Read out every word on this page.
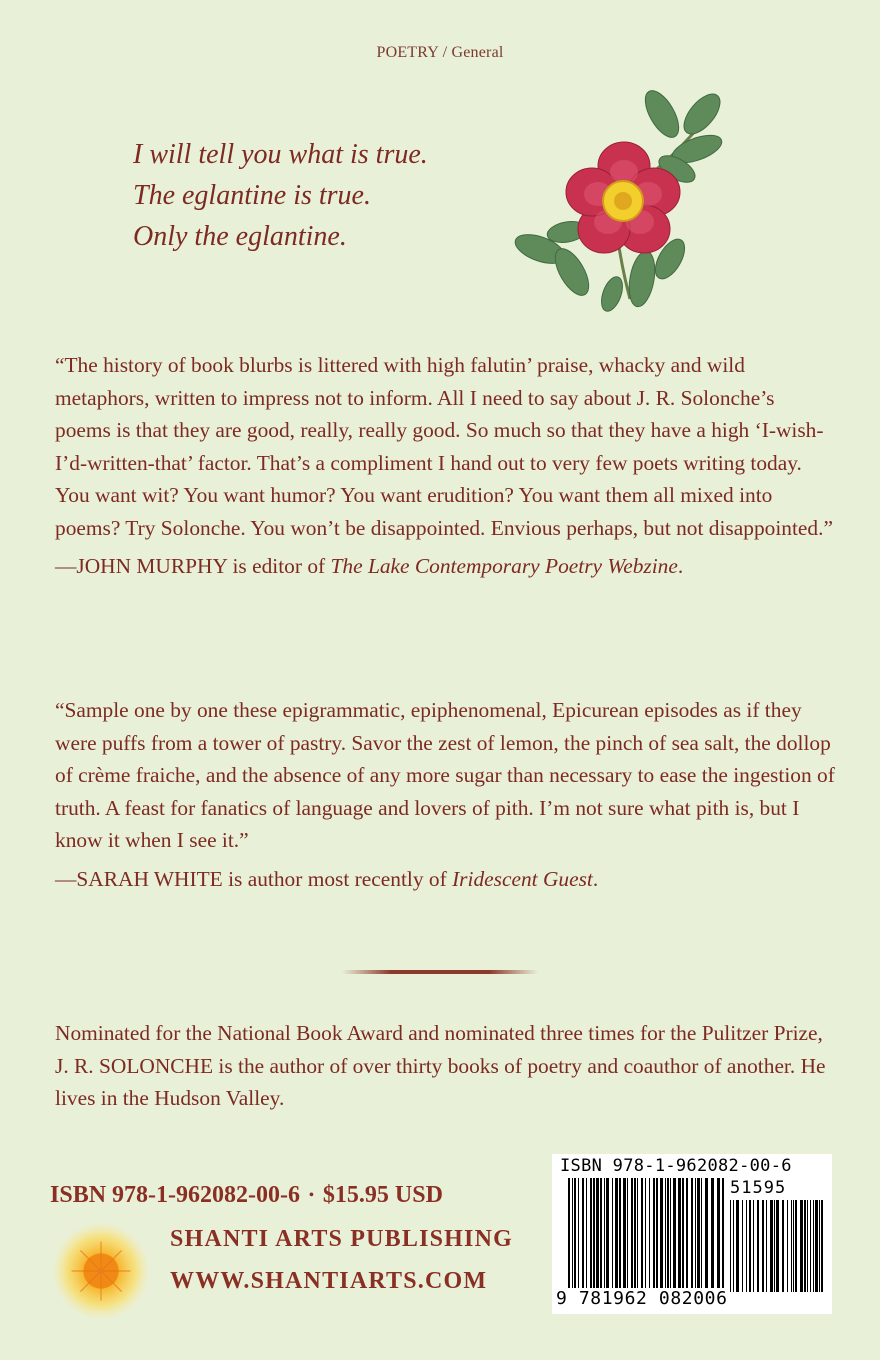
POETRY / General
I will tell you what is true.
The eglantine is true.
Only the eglantine.
“The history of book blurbs is littered with high falutin’ praise, whacky and wild metaphors, written to impress not to inform. All I need to say about J. R. Solonche’s poems is that they are good, really, really good. So much so that they have a high ‘I-wish-I’d-written-that’ factor. That’s a compliment I hand out to very few poets writing today. You want wit? You want humor? You want erudition? You want them all mixed into poems? Try Solonche. You won’t be disappointed. Envious perhaps, but not disappointed.”
—JOHN MURPHY is editor of The Lake Contemporary Poetry Webzine.
“Sample one by one these epigrammatic, epiphenomenal, Epicurean episodes as if they were puffs from a tower of pastry. Savor the zest of lemon, the pinch of sea salt, the dollop of crème fraiche, and the absence of any more sugar than necessary to ease the ingestion of truth. A feast for fanatics of language and lovers of pith. I’m not sure what pith is, but I know it when I see it.”
—SARAH WHITE is author most recently of Iridescent Guest.
Nominated for the National Book Award and nominated three times for the Pulitzer Prize, J. R. SOLONCHE is the author of over thirty books of poetry and coauthor of another. He lives in the Hudson Valley.
ISBN 978-1-962082-00-6 • $15.95 USD
SHANTI ARTS PUBLISHING
WWW.SHANTIARTS.COM
ISBN 978-1-962082-00-6
51595
9 781962 082006
